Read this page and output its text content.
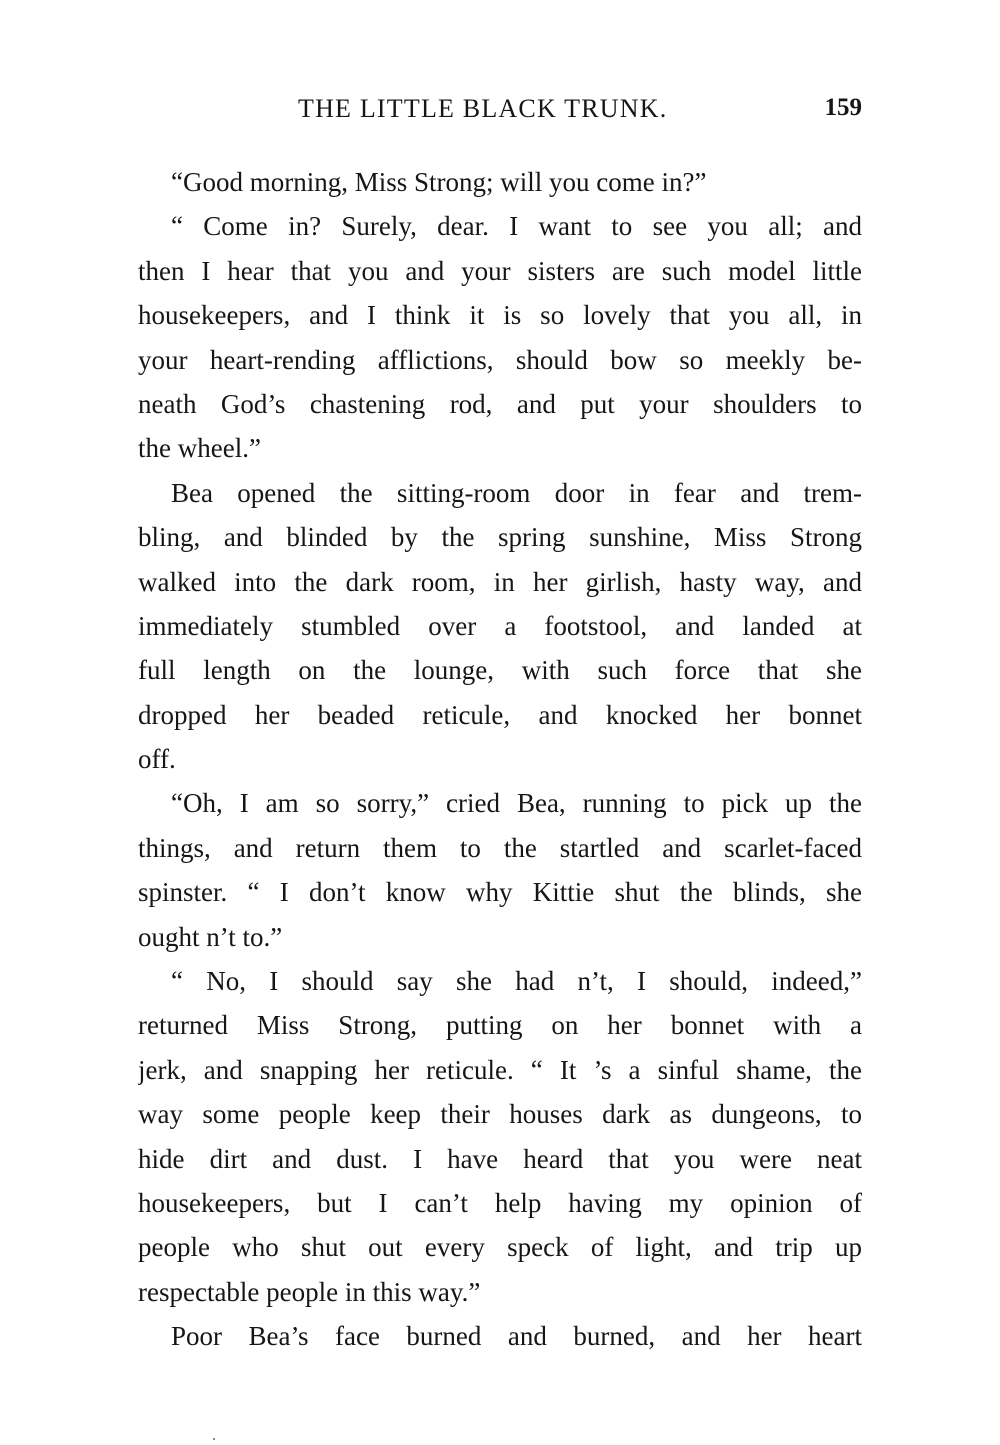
THE LITTLE BLACK TRUNK.	159
“Good morning, Miss Strong; will you come in?”
“ Come in? Surely, dear. I want to see you all; and
then I hear that you and your sisters are such model little
housekeepers, and I think it is so lovely that you all, in
your heart-rending afflictions, should bow so meekly be-
neath God’s chastening rod, and put your shoulders to
the wheel.”
Bea opened the sitting-room door in fear and trem-
bling, and blinded by the spring sunshine, Miss Strong
walked into the dark room, in her girlish, hasty way, and
immediately stumbled over a footstool, and landed at
full length on the lounge, with such force that she
dropped her beaded reticule, and knocked her bonnet
off.
“Oh, I am so sorry,” cried Bea, running to pick up the
things, and return them to the startled and scarlet-faced
spinster. “ I don’t know why Kittie shut the blinds, she
ought n’t to.”
“ No, I should say she had n’t, I should, indeed,”
returned Miss Strong, putting on her bonnet with a
jerk, and snapping her reticule. “ It ’s a sinful shame, the
way some people keep their houses dark as dungeons, to
hide dirt and dust. I have heard that you were neat
housekeepers, but I can’t help having my opinion of
people who shut out every speck of light, and trip up
respectable people in this way.”
Poor Bea’s face burned and burned, and her heart
